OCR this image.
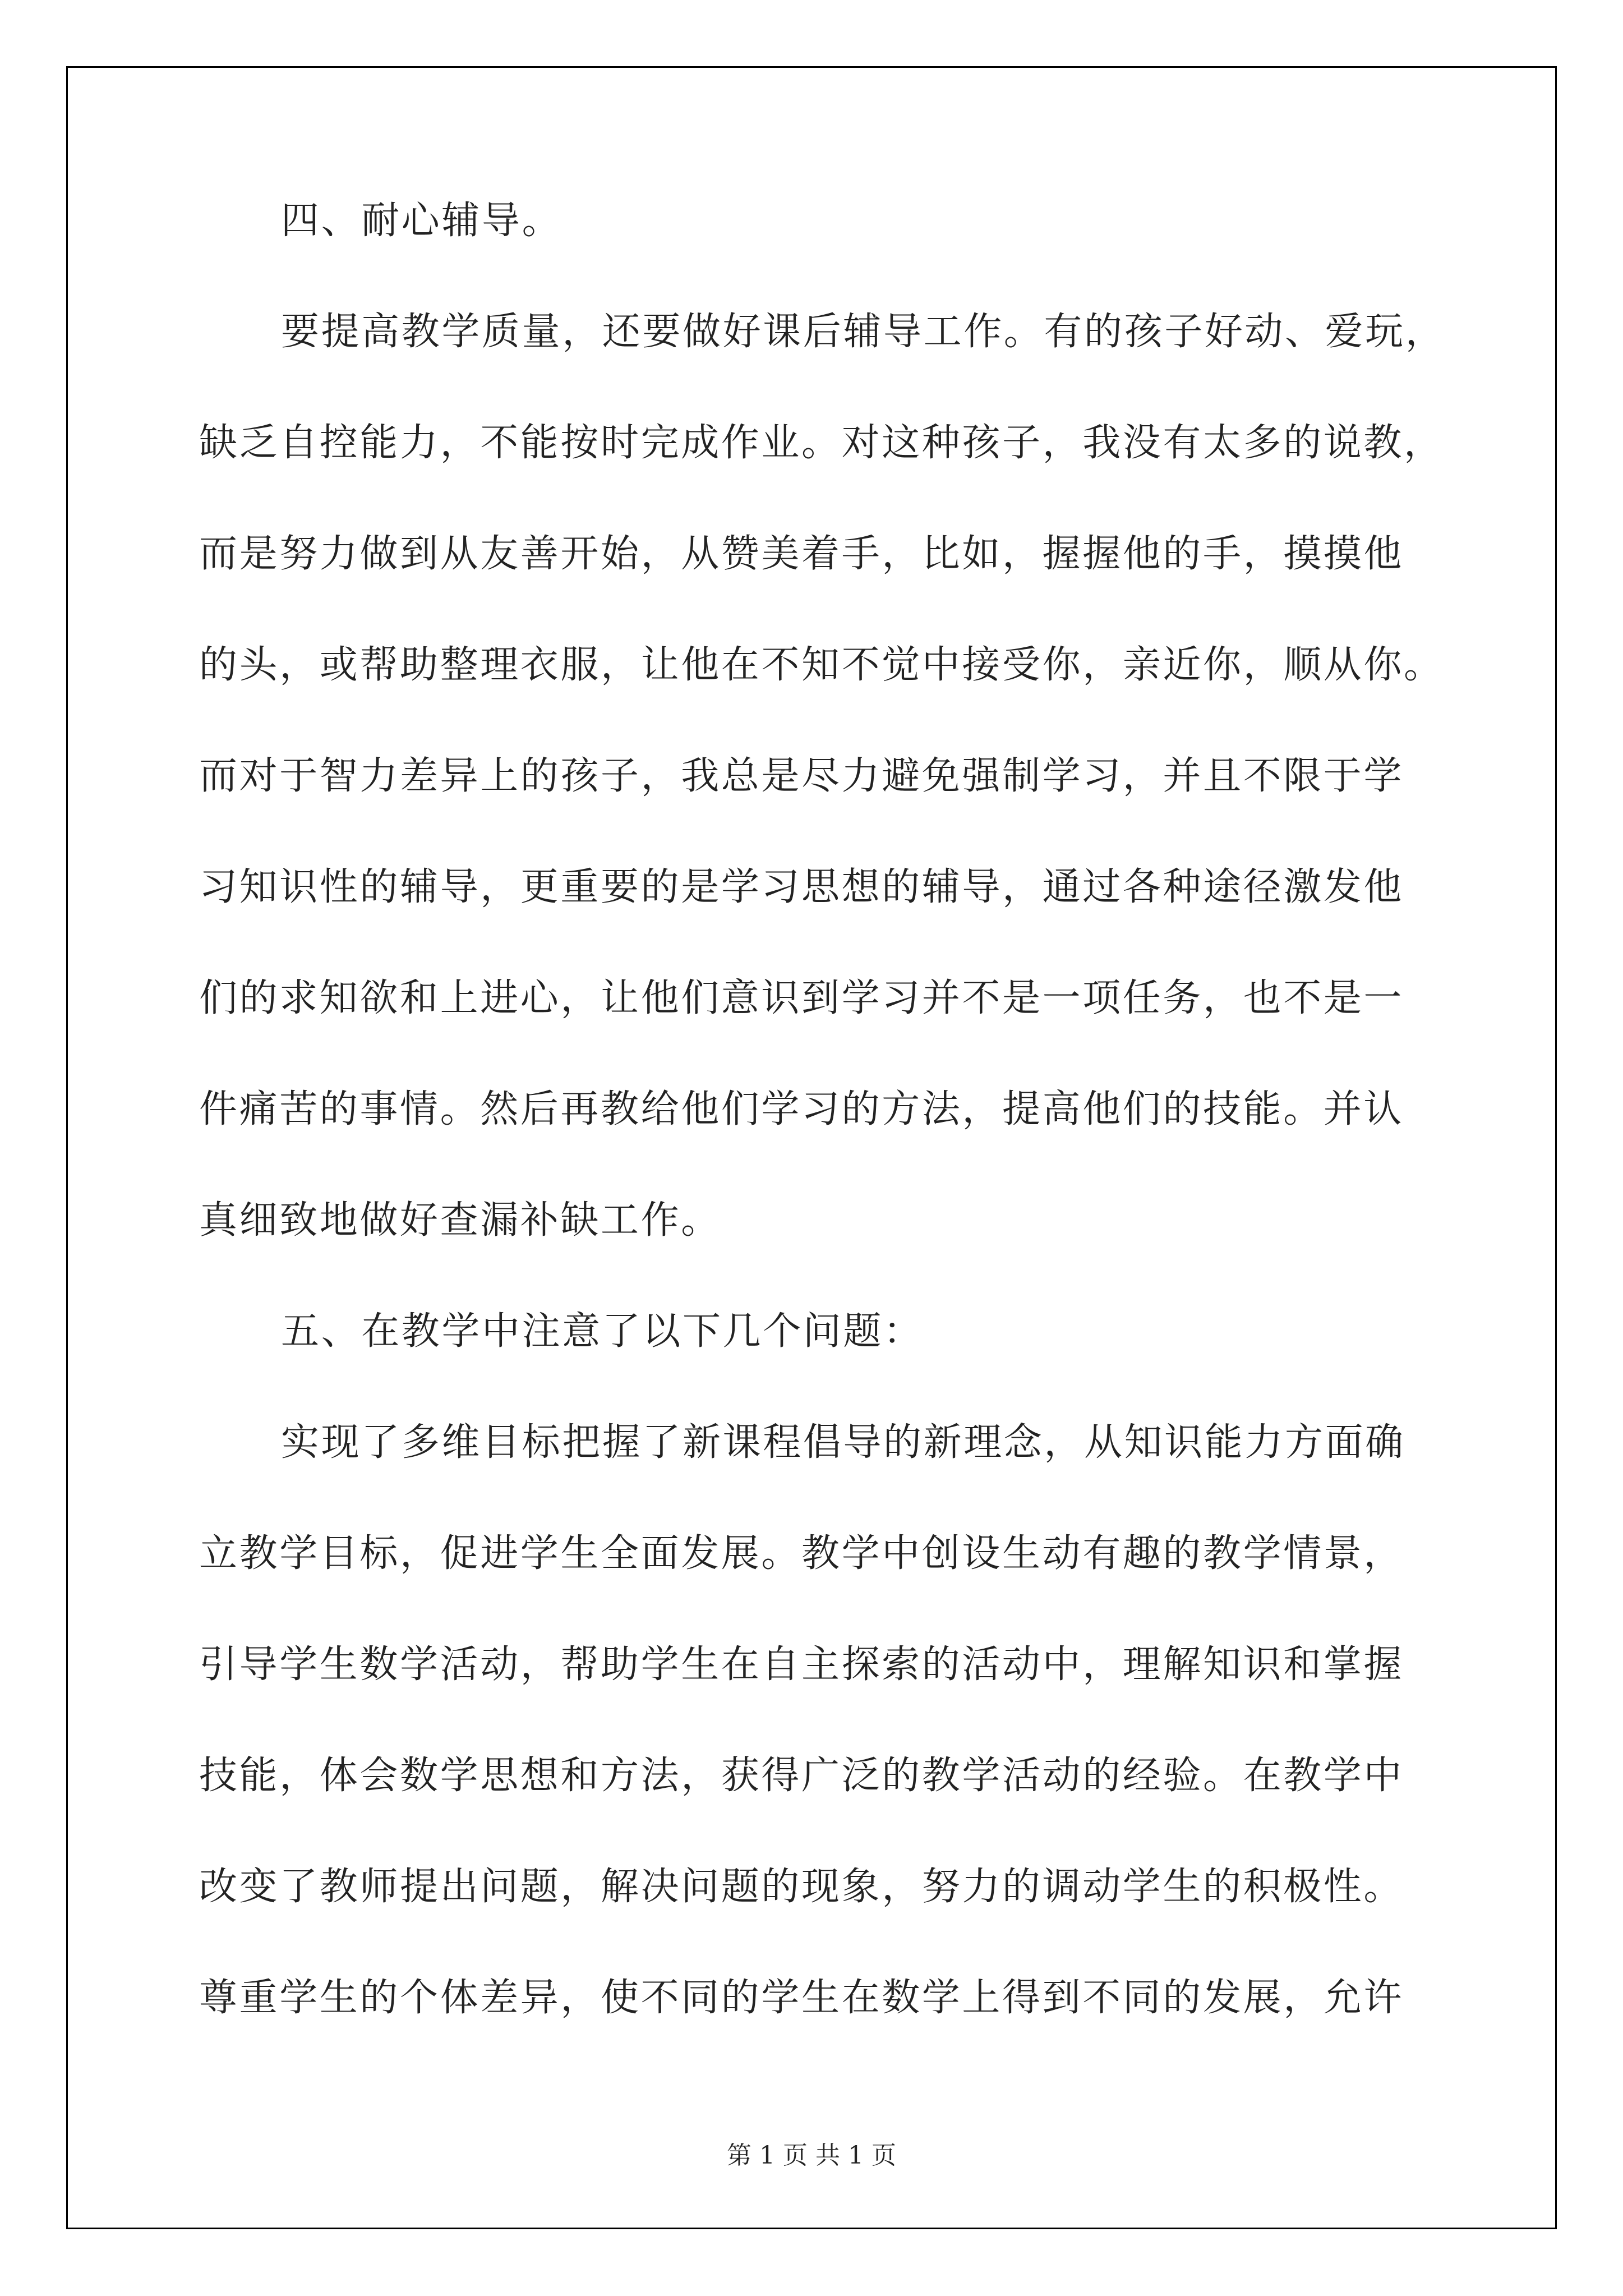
四、耐心辅导。
要提高教学质量，还要做好课后辅导工作。有的孩子好动、爱玩，
缺乏自控能力，不能按时完成作业。对这种孩子，我没有太多的说教，
而是努力做到从友善开始，从赞美着手，比如，握握他的手，摸摸他
的头，或帮助整理衣服，让他在不知不觉中接受你，亲近你，顺从你。
而对于智力差异上的孩子，我总是尽力避免强制学习，并且不限于学
习知识性的辅导，更重要的是学习思想的辅导，通过各种途径激发他
们的求知欲和上进心，让他们意识到学习并不是一项任务，也不是一
件痛苦的事情。然后再教给他们学习的方法，提高他们的技能。并认
真细致地做好查漏补缺工作。
五、在教学中注意了以下几个问题：
实现了多维目标把握了新课程倡导的新理念，从知识能力方面确
立教学目标，促进学生全面发展。教学中创设生动有趣的教学情景，
引导学生数学活动，帮助学生在自主探索的活动中，理解知识和掌握
技能，体会数学思想和方法，获得广泛的教学活动的经验。在教学中
改变了教师提出问题，解决问题的现象，努力的调动学生的积极性。
尊重学生的个体差异，使不同的学生在数学上得到不同的发展，允许
第 1 页 共 1 页
